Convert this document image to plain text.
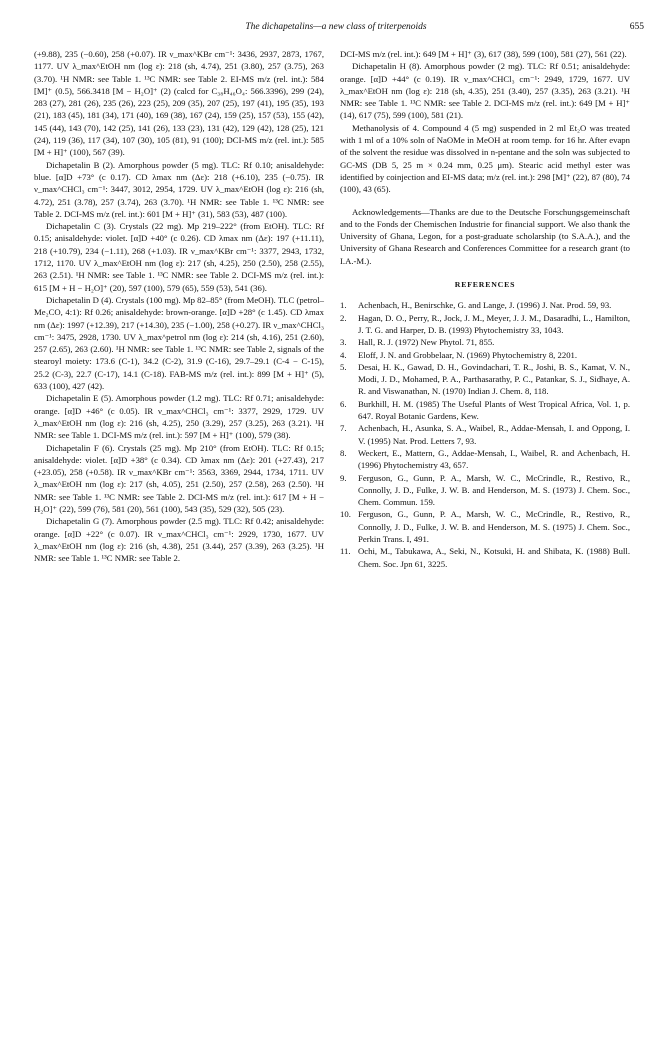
The dichapetalins—a new class of triterpenoids	655

(+9.88), 235 (−0.60), 258 (+0.07). IR ν_max^KBr cm⁻¹: 3436, 2937, 2873, 1767, 1177. UV λ_max^EtOH nm (log ε): 218 (sh, 4.74), 251 (3.80), 257 (3.75), 263 (3.70). ¹H NMR: see Table 1. ¹³C NMR: see Table 2. EI-MS m/z (rel. int.): 584 [M]⁺ (0.5), 566.3418 [M − H₂O]⁺ (2) (calcd for C₃₈H₄₆O₄: 566.3396), 299 (24), 283 (27), 281 (26), 235 (26), 223 (25), 209 (35), 207 (25), 197 (41), 195 (35), 193 (21), 183 (45), 181 (34), 171 (40), 169 (38), 167 (24), 159 (25), 157 (53), 155 (42), 145 (44), 143 (70), 142 (25), 141 (26), 133 (23), 131 (42), 129 (42), 128 (25), 121 (24), 119 (36), 117 (34), 107 (30), 105 (81), 91 (100); DCI-MS m/z (rel. int.): 585 [M + H]⁺ (100), 567 (39).

Dichapetalin B (2). Amorphous powder (5 mg). TLC: Rf 0.10; anisaldehyde: blue. [α]D +73° (c 0.17). CD λmax nm (Δε): 218 (+6.10), 235 (−0.75). IR ν_max^CHCl₃ cm⁻¹: 3447, 3012, 2954, 1729. UV λ_max^EtOH (log ε): 216 (sh, 4.72), 251 (3.78), 257 (3.74), 263 (3.70). ¹H NMR: see Table 1. ¹³C NMR: see Table 2. DCI-MS m/z (rel. int.): 601 [M + H]⁺ (31), 583 (53), 487 (100).

Dichapetalin C (3). Crystals (22 mg). Mp 219–222° (from EtOH). TLC: Rf 0.15; anisaldehyde: violet. [α]D +40° (c 0.26). CD λmax nm (Δε): 197 (+11.11), 218 (+10.79), 234 (−1.11), 268 (+1.03). IR ν_max^KBr cm⁻¹: 3377, 2943, 1732, 1712, 1170. UV λ_max^EtOH nm (log ε): 217 (sh, 4.25), 250 (2.50), 258 (2.55), 263 (2.51). ¹H NMR: see Table 1. ¹³C NMR: see Table 2. DCI-MS m/z (rel. int.): 615 [M + H − H₂O]⁺ (20), 597 (100), 579 (65), 559 (53), 541 (36).

Dichapetalin D (4). Crystals (100 mg). Mp 82–85° (from MeOH). TLC (petrol–Me₂CO, 4:1): Rf 0.26; anisaldehyde: brown-orange. [α]D +28° (c 1.45). CD λmax nm (Δε): 1997 (+12.39), 217 (+14.30), 235 (−1.00), 258 (+0.27). IR ν_max^CHCl₃ cm⁻¹: 3475, 2928, 1730. UV λ_max^petrol nm (log ε): 214 (sh, 4.16), 251 (2.60), 257 (2.65), 263 (2.60). ¹H NMR: see Table 1. ¹³C NMR: see Table 2, signals of the stearoyl moiety: 173.6 (C-1), 34.2 (C-2), 31.9 (C-16), 29.7–29.1 (C-4 − C-15), 25.2 (C-3), 22.7 (C-17), 14.1 (C-18). FAB-MS m/z (rel. int.): 899 [M + H]⁺ (5), 633 (100), 427 (42).

Dichapetalin E (5). Amorphous powder (1.2 mg). TLC: Rf 0.71; anisaldehyde: orange. [α]D +46° (c 0.05). IR ν_max^CHCl₃ cm⁻¹: 3377, 2929, 1729. UV λ_max^EtOH nm (log ε): 216 (sh, 4.25), 250 (3.29), 257 (3.25), 263 (3.21). ¹H NMR: see Table 1. DCI-MS m/z (rel. int.): 597 [M + H]⁺ (100), 579 (38).

Dichapetalin F (6). Crystals (25 mg). Mp 210° (from EtOH). TLC: Rf 0.15; anisaldehyde: violet. [α]D +38° (c 0.34). CD λmax nm (Δε): 201 (+27.43), 217 (+23.05), 258 (+0.58). IR ν_max^KBr cm⁻¹: 3563, 3369, 2944, 1734, 1711. UV λ_max^EtOH nm (log ε): 217 (sh, 4.05), 251 (2.50), 257 (2.58), 263 (2.50). ¹H NMR: see Table 1. ¹³C NMR: see Table 2. DCI-MS m/z (rel. int.): 617 [M + H − H₂O]⁺ (22), 599 (76), 581 (20), 561 (100), 543 (35), 529 (32), 505 (23).

Dichapetalin G (7). Amorphous powder (2.5 mg). TLC: Rf 0.42; anisaldehyde: orange. [α]D +22° (c 0.07). IR ν_max^CHCl₃ cm⁻¹: 2929, 1730, 1677. UV λ_max^EtOH nm (log ε): 216 (sh, 4.38), 251 (3.44), 257 (3.39), 263 (3.25). ¹H NMR: see Table 1. ¹³C NMR: see Table 2.

DCI-MS m/z (rel. int.): 649 [M + H]⁺ (3), 617 (38), 599 (100), 581 (27), 561 (22).

Dichapetalin H (8). Amorphous powder (2 mg). TLC: Rf 0.51; anisaldehyde: orange. [α]D +44° (c 0.19). IR ν_max^CHCl₃ cm⁻¹: 2949, 1729, 1677. UV λ_max^EtOH nm (log ε): 218 (sh, 4.35), 251 (3.40), 257 (3.35), 263 (3.21). ¹H NMR: see Table 1. ¹³C NMR: see Table 2. DCI-MS m/z (rel. int.): 649 [M + H]⁺ (14), 617 (75), 599 (100), 581 (21).

Methanolysis of 4. Compound 4 (5 mg) suspended in 2 ml Et₂O was treated with 1 ml of a 10% soln of NaOMe in MeOH at room temp. for 16 hr. After evapn of the solvent the residue was dissolved in n-pentane and the soln was subjected to GC-MS (DB 5, 25 m × 0.24 mm, 0.25 μm). Stearic acid methyl ester was identified by coinjection and EI-MS data; m/z (rel. int.): 298 [M]⁺ (22), 87 (80), 74 (100), 43 (65).

Acknowledgements—Thanks are due to the Deutsche Forschungsgemeinschaft and to the Fonds der Chemischen Industrie for financial support. We also thank the University of Ghana, Legon, for a post-graduate scholarship (to S.A.A.), and the University of Ghana Research and Conferences Committee for a research grant (to I.A.-M.).

REFERENCES
1. Achenbach, H., Benirschke, G. and Lange, J. (1996) J. Nat. Prod. 59, 93.
2. Hagan, D. O., Perry, R., Jock, J. M., Meyer, J. J. M., Dasaradhi, L., Hamilton, J. T. G. and Harper, D. B. (1993) Phytochemistry 33, 1043.
3. Hall, R. J. (1972) New Phytol. 71, 855.
4. Eloff, J. N. and Grobbelaar, N. (1969) Phytochemistry 8, 2201.
5. Desai, H. K., Gawad, D. H., Govindachari, T. R., Joshi, B. S., Kamat, V. N., Modi, J. D., Mohamed, P. A., Parthasarathy, P. C., Patankar, S. J., Sidhaye, A. R. and Viswanathan, N. (1970) Indian J. Chem. 8, 118.
6. Burkhill, H. M. (1985) The Useful Plants of West Tropical Africa, Vol. 1, p. 647. Royal Botanic Gardens, Kew.
7. Achenbach, H., Asunka, S. A., Waibel, R., Addae-Mensah, I. and Oppong, I. V. (1995) Nat. Prod. Letters 7, 93.
8. Weckert, E., Mattern, G., Addae-Mensah, I., Waibel, R. and Achenbach, H. (1996) Phytochemistry 43, 657.
9. Ferguson, G., Gunn, P. A., Marsh, W. C., McCrindle, R., Restivo, R., Connolly, J. D., Fulke, J. W. B. and Henderson, M. S. (1973) J. Chem. Soc., Chem. Commun. 159.
10. Ferguson, G., Gunn, P. A., Marsh, W. C., McCrindle, R., Restivo, R., Connolly, J. D., Fulke, J. W. B. and Henderson, M. S. (1975) J. Chem. Soc., Perkin Trans. I, 491.
11. Ochi, M., Tabukawa, A., Seki, N., Kotsuki, H. and Shibata, K. (1988) Bull. Chem. Soc. Jpn 61, 3225.
